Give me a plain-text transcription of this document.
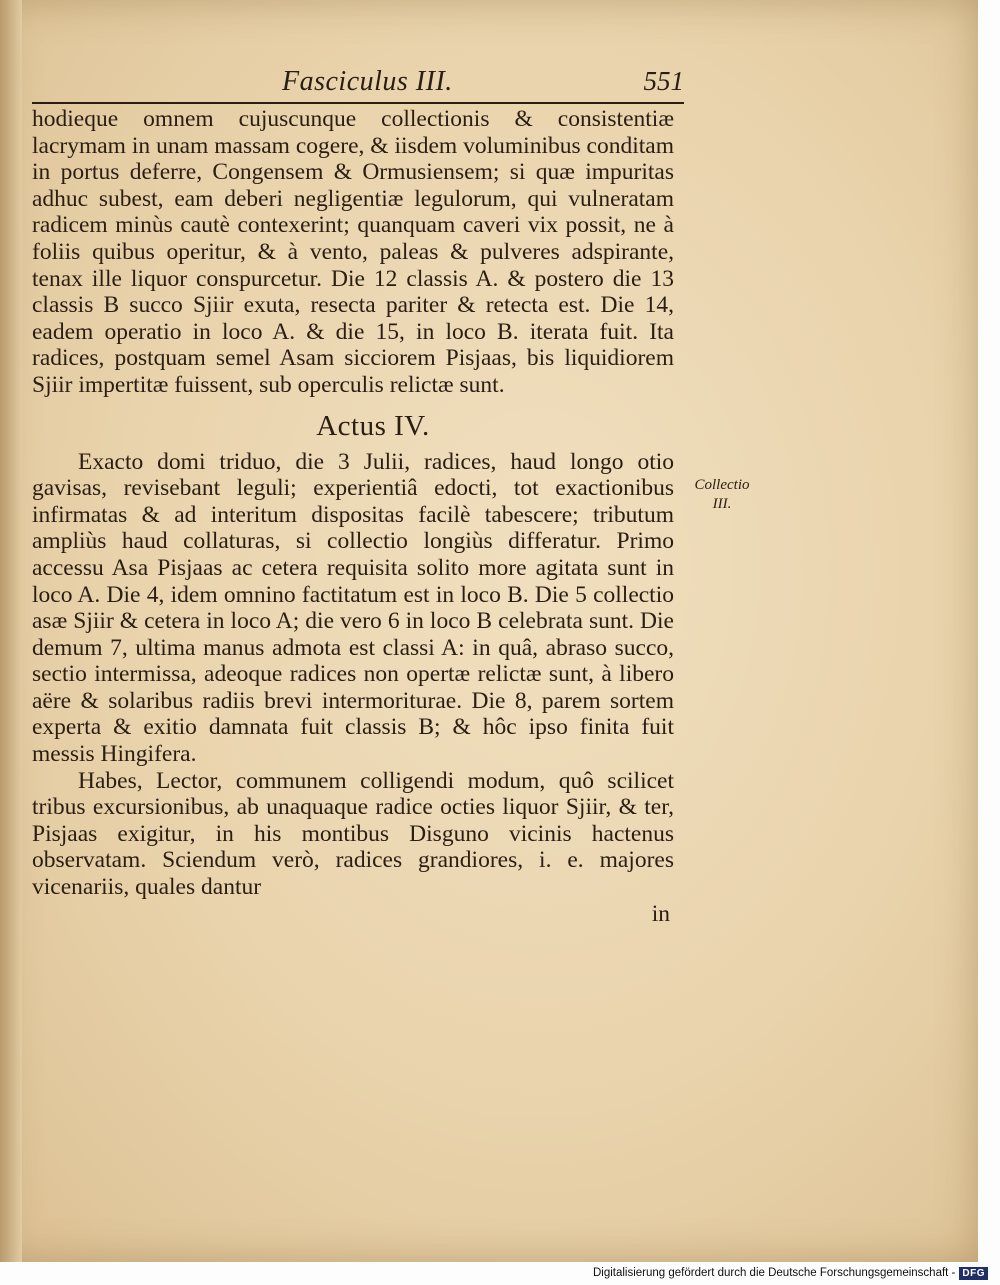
Fasciculus III.	551

hodieque omnem cujuscunque collectionis & consistentiæ lacrymam in unam massam cogere, & iisdem voluminibus conditam in portus deferre, Congensem & Ormusiensem; si quæ impuritas adhuc subest, eam deberi negligentiæ legulorum, qui vulneratam radicem minùs cautè contexerint; quanquam caveri vix possit, ne à foliis quibus operitur, & à vento, paleas & pulveres adspirante, tenax ille liquor conspurcetur. Die 12 classis A. & postero die 13 classis B succo Sjiir exuta, resecta pariter & retecta est. Die 14, eadem operatio in loco A. & die 15, in loco B. iterata fuit. Ita radices, postquam semel Asam sicciorem Pisjaas, bis liquidiorem Sjiir impertitæ fuissent, sub operculis relictæ sunt.

Actus IV.

Exacto domi triduo, die 3 Julii, radices, haud longo otio gavisas, revisebant leguli; experientiâ edocti, tot exactionibus infirmatas & ad interitum dispositas facilè tabescere; tributum ampliùs haud collaturas, si collectio longiùs differatur. Primo accessu Asa Pisjaas ac cetera requisita solito more agitata sunt in loco A. Die 4, idem omnino factitatum est in loco B. Die 5 collectio asæ Sjiir & cetera in loco A; die vero 6 in loco B celebrata sunt. Die demum 7, ultima manus admota est classi A: in quâ, abraso succo, sectio intermissa, adeoque radices non opertæ relictæ sunt, à libero aëre & solaribus radiis brevi intermoriturae. Die 8, parem sortem experta & exitio damnata fuit classis B; & hôc ipso finita fuit messis Hingifera.

Habes, Lector, communem colligendi modum, quô scilicet tribus excursionibus, ab unaquaque radice octies liquor Sjiir, & ter, Pisjaas exigitur, in his montibus Disguno vicinis hactenus observatam. Sciendum verò, radices grandiores, i. e. majores vicenariis, quales dantur

in

Collectio
III.
Digitalisierung gefördert durch die Deutsche Forschungsgemeinschaft - DFG
